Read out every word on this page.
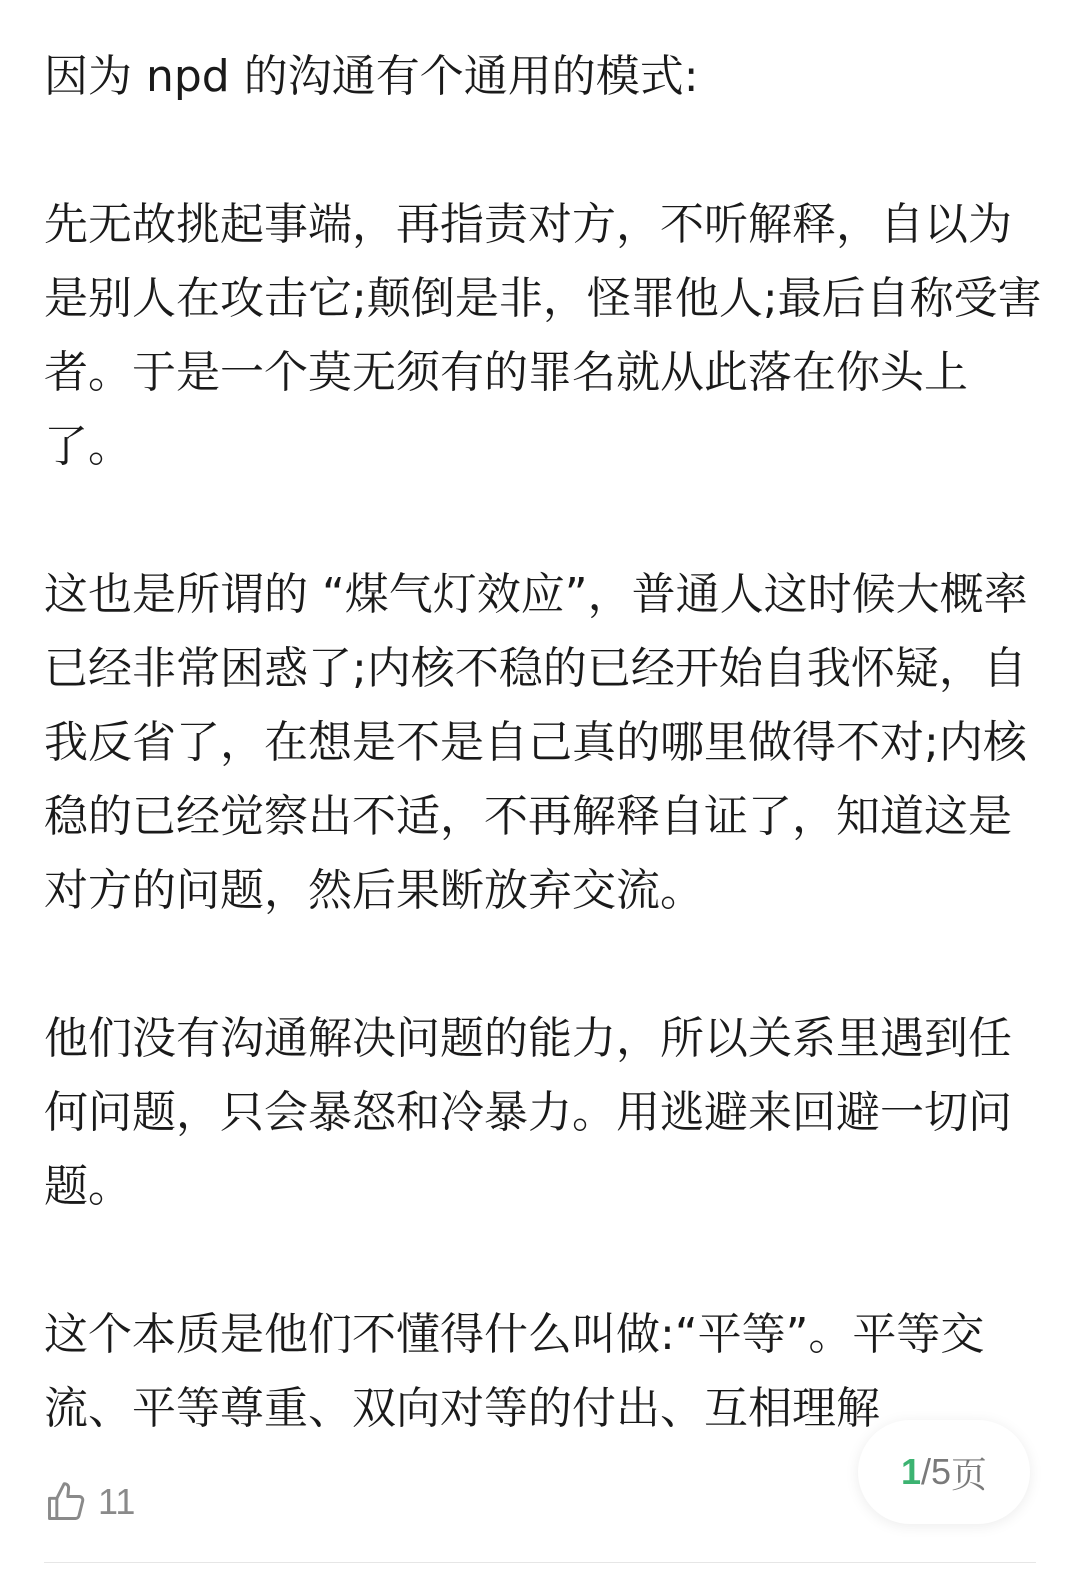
因为 npd 的沟通有个通用的模式:

先无故挑起事端，再指责对方，不听解释，自以为是别人在攻击它;颠倒是非，怪罪他人;最后自称受害者。于是一个莫无须有的罪名就从此落在你头上了。

这也是所谓的 “煤气灯效应”，普通人这时候大概率已经非常困惑了;内核不稳的已经开始自我怀疑，自我反省了，在想是不是自己真的哪里做得不对;内核稳的已经觉察出不适，不再解释自证了，知道这是对方的问题，然后果断放弃交流。

他们没有沟通解决问题的能力，所以关系里遇到任何问题，只会暴怒和冷暴力。用逃避来回避一切问题。

这个本质是他们不懂得什么叫做:“平等”。平等交流、平等尊重、双向对等的付出、互相理解

11
1 / 5 页
